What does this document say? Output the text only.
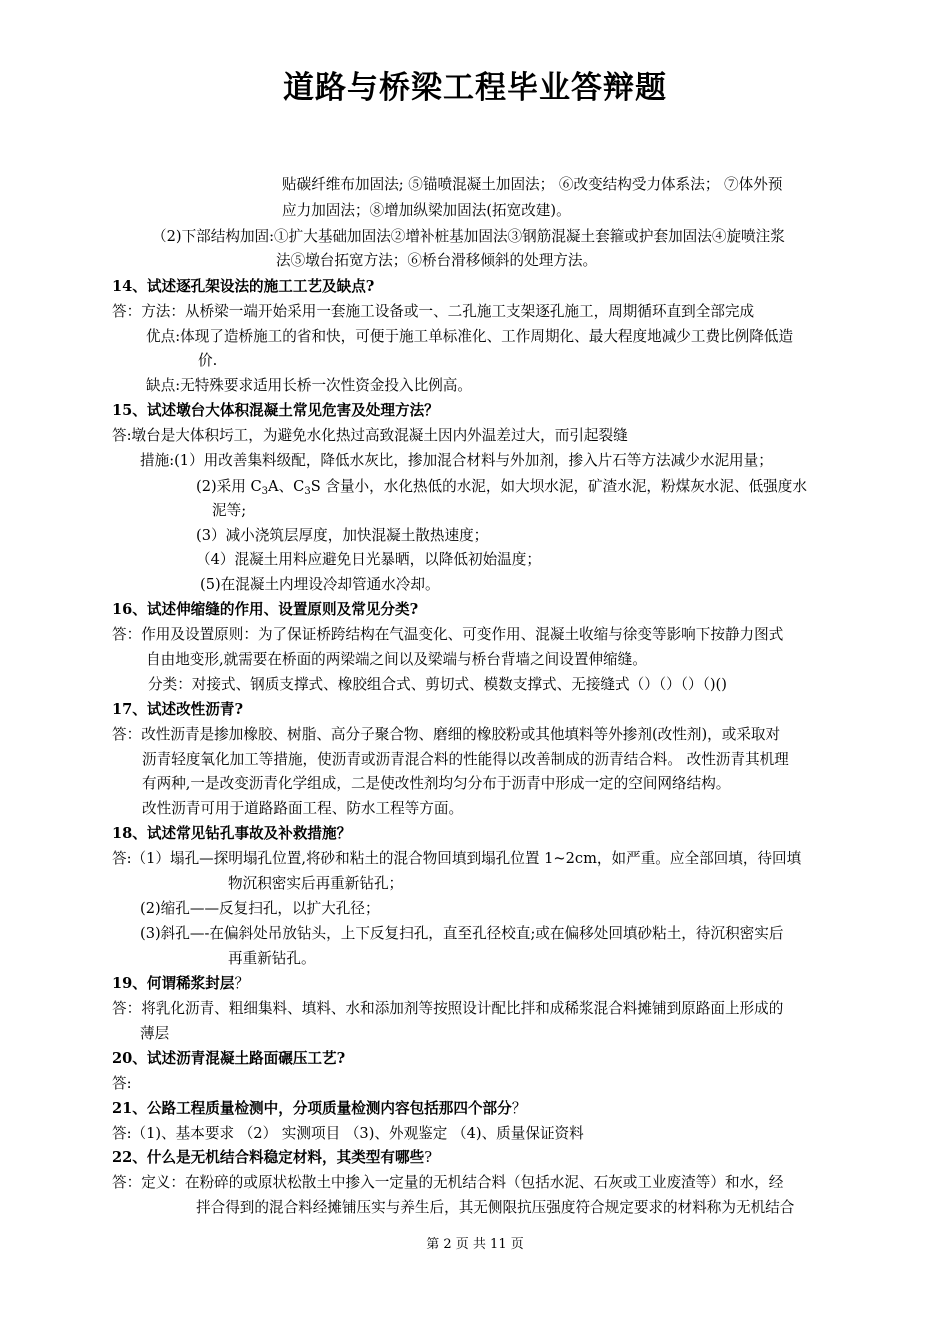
道路与桥梁工程毕业答辩题
贴碳纤维布加固法; ⑤锚喷混凝土加固法； ⑥改变结构受力体系法； ⑦体外预
应力加固法；⑧增加纵梁加固法(拓宽改建)。
（2)下部结构加固:①扩大基础加固法②增补桩基加固法③钢筋混凝土套箍或护套加固法④旋喷注浆
法⑤墩台拓宽方法；⑥桥台滑移倾斜的处理方法。
14、试述逐孔架设法的施工工艺及缺点?
答：方法：从桥梁一端开始采用一套施工设备或一、二孔施工支架逐孔施工，周期循环直到全部完成
优点:体现了造桥施工的省和快，可便于施工单标准化、工作周期化、最大程度地减少工费比例降低造
价.
缺点:无特殊要求适用长桥一次性资金投入比例高。
15、试述墩台大体积混凝土常见危害及处理方法？
答:墩台是大体积圬工，为避免水化热过高致混凝土因内外温差过大，而引起裂缝
措施:(1）用改善集料级配，降低水灰比，掺加混合材料与外加剂，掺入片石等方法减少水泥用量；
(2)采用 $C_3A$、$C_3S$ 含量小，水化热低的水泥，如大坝水泥，矿渣水泥，粉煤灰水泥、低强度水
泥等;
(3）减小浇筑层厚度，加快混凝土散热速度；
（4）混凝土用料应避免日光暴晒，以降低初始温度；
(5)在混凝土内埋设冷却管通水冷却。
16、试述伸缩缝的作用、设置原则及常见分类?
答：作用及设置原则：为了保证桥跨结构在气温变化、可变作用、混凝土收缩与徐变等影响下按静力图式
自由地变形,就需要在桥面的两梁端之间以及梁端与桥台背墙之间设置伸缩缝。
分类：对接式、钢质支撑式、橡胶组合式、剪切式、模数支撑式、无接缝式（）（）（）（)()
17、试述改性沥青?
答：改性沥青是掺加橡胶、树脂、高分子聚合物、磨细的橡胶粉或其他填料等外掺剂(改性剂)，或采取对
沥青轻度氧化加工等措施，使沥青或沥青混合料的性能得以改善制成的沥青结合料。 改性沥青其机理
有两种,一是改变沥青化学组成，二是使改性剂均匀分布于沥青中形成一定的空间网络结构。
改性沥青可用于道路路面工程、防水工程等方面。
18、试述常见钻孔事故及补救措施？
答:（1）塌孔—探明塌孔位置,将砂和粘土的混合物回填到塌孔位置 1~2cm，如严重。应全部回填，待回填
物沉积密实后再重新钻孔；
(2)缩孔——反复扫孔，以扩大孔径；
(3)斜孔—-在偏斜处吊放钻头，上下反复扫孔，直至孔径校直;或在偏移处回填砂粘土，待沉积密实后
再重新钻孔。
19、何谓稀浆封层？
答：将乳化沥青、粗细集料、填料、水和添加剂等按照设计配比拌和成稀浆混合料摊铺到原路面上形成的
薄层
20、试述沥青混凝土路面碾压工艺?
答:
21、公路工程质量检测中，分项质量检测内容包括那四个部分？
答:（1)、基本要求 （2） 实测项目 （3)、外观鉴定 （4)、质量保证资料
22、什么是无机结合料稳定材料，其类型有哪些?
答：定义：在粉碎的或原状松散土中掺入一定量的无机结合料（包括水泥、石灰或工业废渣等）和水，经
拌合得到的混合料经摊铺压实与养生后，其无侧限抗压强度符合规定要求的材料称为无机结合
第 2 页 共 11 页
